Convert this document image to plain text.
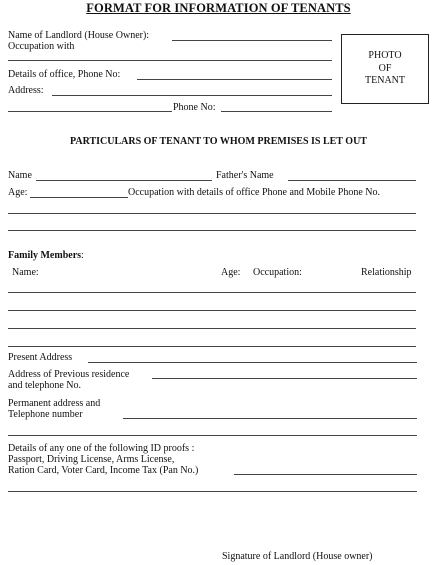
FORMAT FOR INFORMATION OF TENANTS
Name of Landlord (House Owner):
Occupation with
Details of office, Phone No:
Address:
Phone No:
PHOTO
OF
TENANT
PARTICULARS OF TENANT TO WHOM PREMISES IS LET OUT
Name	Father's Name
Age:	Occupation with details of office Phone and Mobile Phone No.
Family Members:
Name:	Age: Occupation:	Relationship
Present Address
Address of Previous residence
and telephone No.
Permanent address and
Telephone number
Details of any one of the following ID proofs :
Passport, Driving License, Arms License,
Ration Card, Voter Card, Income Tax (Pan No.)
Signature of Landlord (House owner)
